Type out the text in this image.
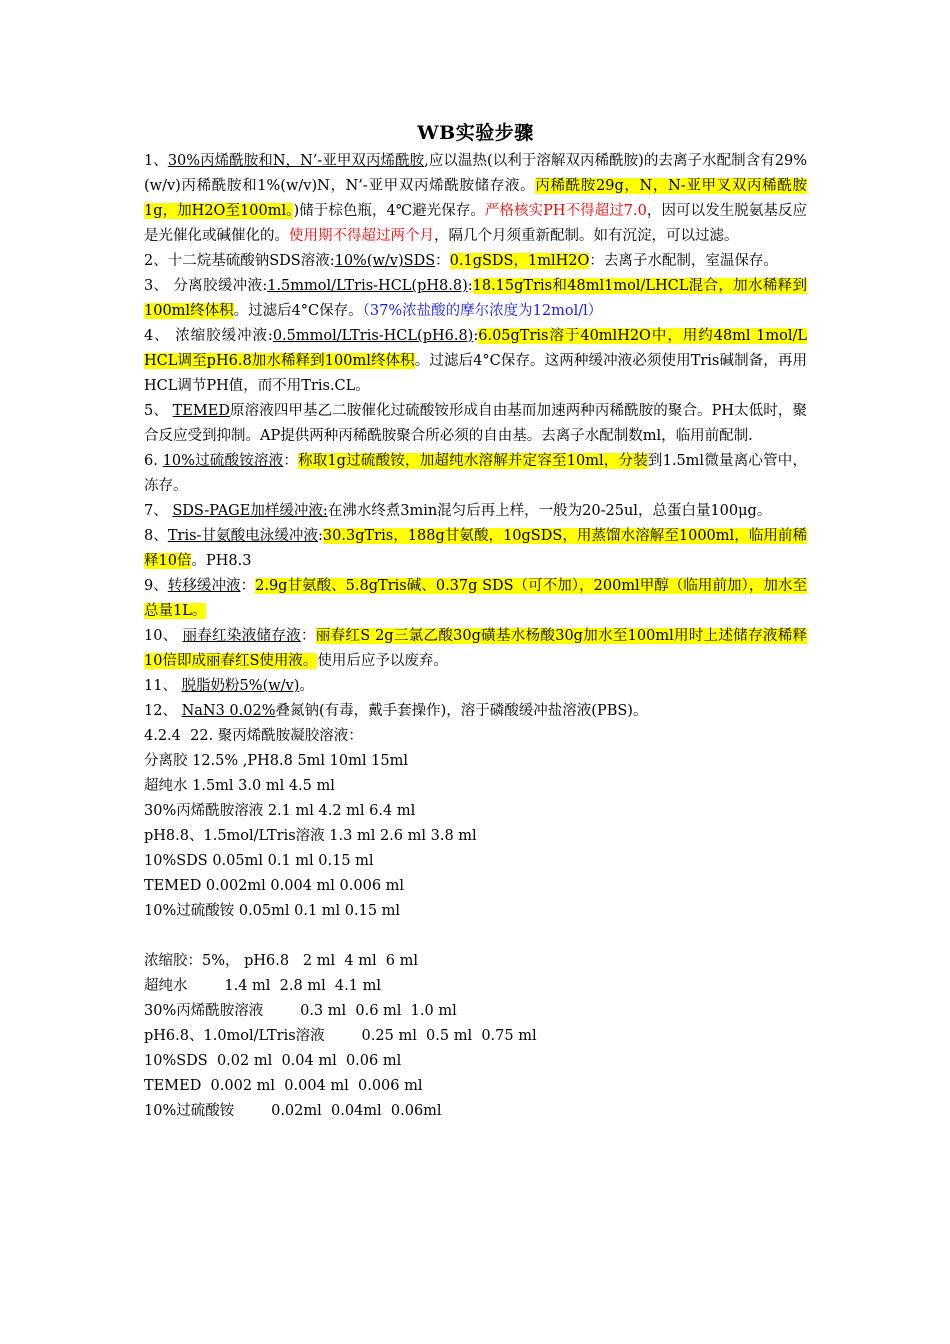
WB实验步骤

1、30%丙烯酰胺和N，N’-亚甲双丙烯酰胺,应以温热(以利于溶解双丙稀酰胺)的去离子水配制含有29%(w/v)丙稀酰胺和1%(w/v)N，N’-亚甲双丙烯酰胺储存液。丙稀酰胺29g，N，N-亚甲叉双丙稀酰胺1g，加H2O至100ml。)储于棕色瓶，4℃避光保存。严格核实PH不得超过7.0，因可以发生脱氨基反应是光催化或碱催化的。使用期不得超过两个月，隔几个月须重新配制。如有沉淀，可以过滤。

2、十二烷基硫酸钠SDS溶液:10%(w/v)SDS：0.1gSDS，1mlH2O：去离子水配制，室温保存。

3、 分离胶缓冲液:1.5mmol/LTris-HCL(pH8.8):18.15gTris和48ml1mol/LHCL混合，加水稀释到100ml终体积。过滤后4°C保存。（37%浓盐酸的摩尔浓度为12mol/l）

4、 浓缩胶缓冲液:0.5mmol/LTris-HCL(pH6.8):6.05gTris溶于40mlH2O中，用约48ml 1mol/L HCL调至pH6.8加水稀释到100ml终体积。过滤后4°C保存。这两种缓冲液必须使用Tris碱制备，再用HCL调节PH值，而不用Tris.CL。

5、 TEMED原溶液四甲基乙二胺催化过硫酸铵形成自由基而加速两种丙稀酰胺的聚合。PH太低时，聚合反应受到抑制。AP提供两种丙稀酰胺聚合所必须的自由基。去离子水配制数ml，临用前配制.

6. 10%过硫酸铵溶液：称取1g过硫酸铵，加超纯水溶解并定容至10ml，分装到1.5ml微量离心管中，冻存。

7、 SDS-PAGE加样缓冲液:在沸水终煮3min混匀后再上样，一般为20-25ul，总蛋白量100μg。

8、Tris-甘氨酸电泳缓冲液:30.3gTris，188g甘氨酸，10gSDS，用蒸馏水溶解至1000ml，临用前稀释10倍。PH8.3

9、转移缓冲液：2.9g甘氨酸、5.8gTris碱、0.37g SDS（可不加），200ml甲醇（临用前加），加水至总量1L。

10、 丽春红染液储存液：丽春红S 2g三氯乙酸30g磺基水杨酸30g加水至100ml用时上述储存液稀释10倍即成丽春红S使用液。使用后应予以废弃。

11、 脱脂奶粉5%(w/v)。

12、 NaN3 0.02%叠氮钠(有毒，戴手套操作)，溶于磷酸缓冲盐溶液(PBS)。

4.2.4  22. 聚丙烯酰胺凝胶溶液：

分离胶 12.5% ,PH8.8 5ml 10ml 15ml

超纯水 1.5ml 3.0 ml 4.5 ml

30%丙烯酰胺溶液 2.1 ml 4.2 ml 6.4 ml

pH8.8、1.5mol/LTris溶液 1.3 ml 2.6 ml 3.8 ml

10%SDS 0.05ml 0.1 ml 0.15 ml

TEMED 0.002ml 0.004 ml 0.006 ml

10%过硫酸铵 0.05ml 0.1 ml 0.15 ml

浓缩胶：5%， pH6.8   2 ml  4 ml  6 ml

超纯水        1.4 ml  2.8 ml  4.1 ml

30%丙烯酰胺溶液        0.3 ml  0.6 ml  1.0 ml

pH6.8、1.0mol/LTris溶液        0.25 ml  0.5 ml  0.75 ml

10%SDS  0.02 ml  0.04 ml  0.06 ml

TEMED  0.002 ml  0.004 ml  0.006 ml

10%过硫酸铵        0.02ml  0.04ml  0.06ml
